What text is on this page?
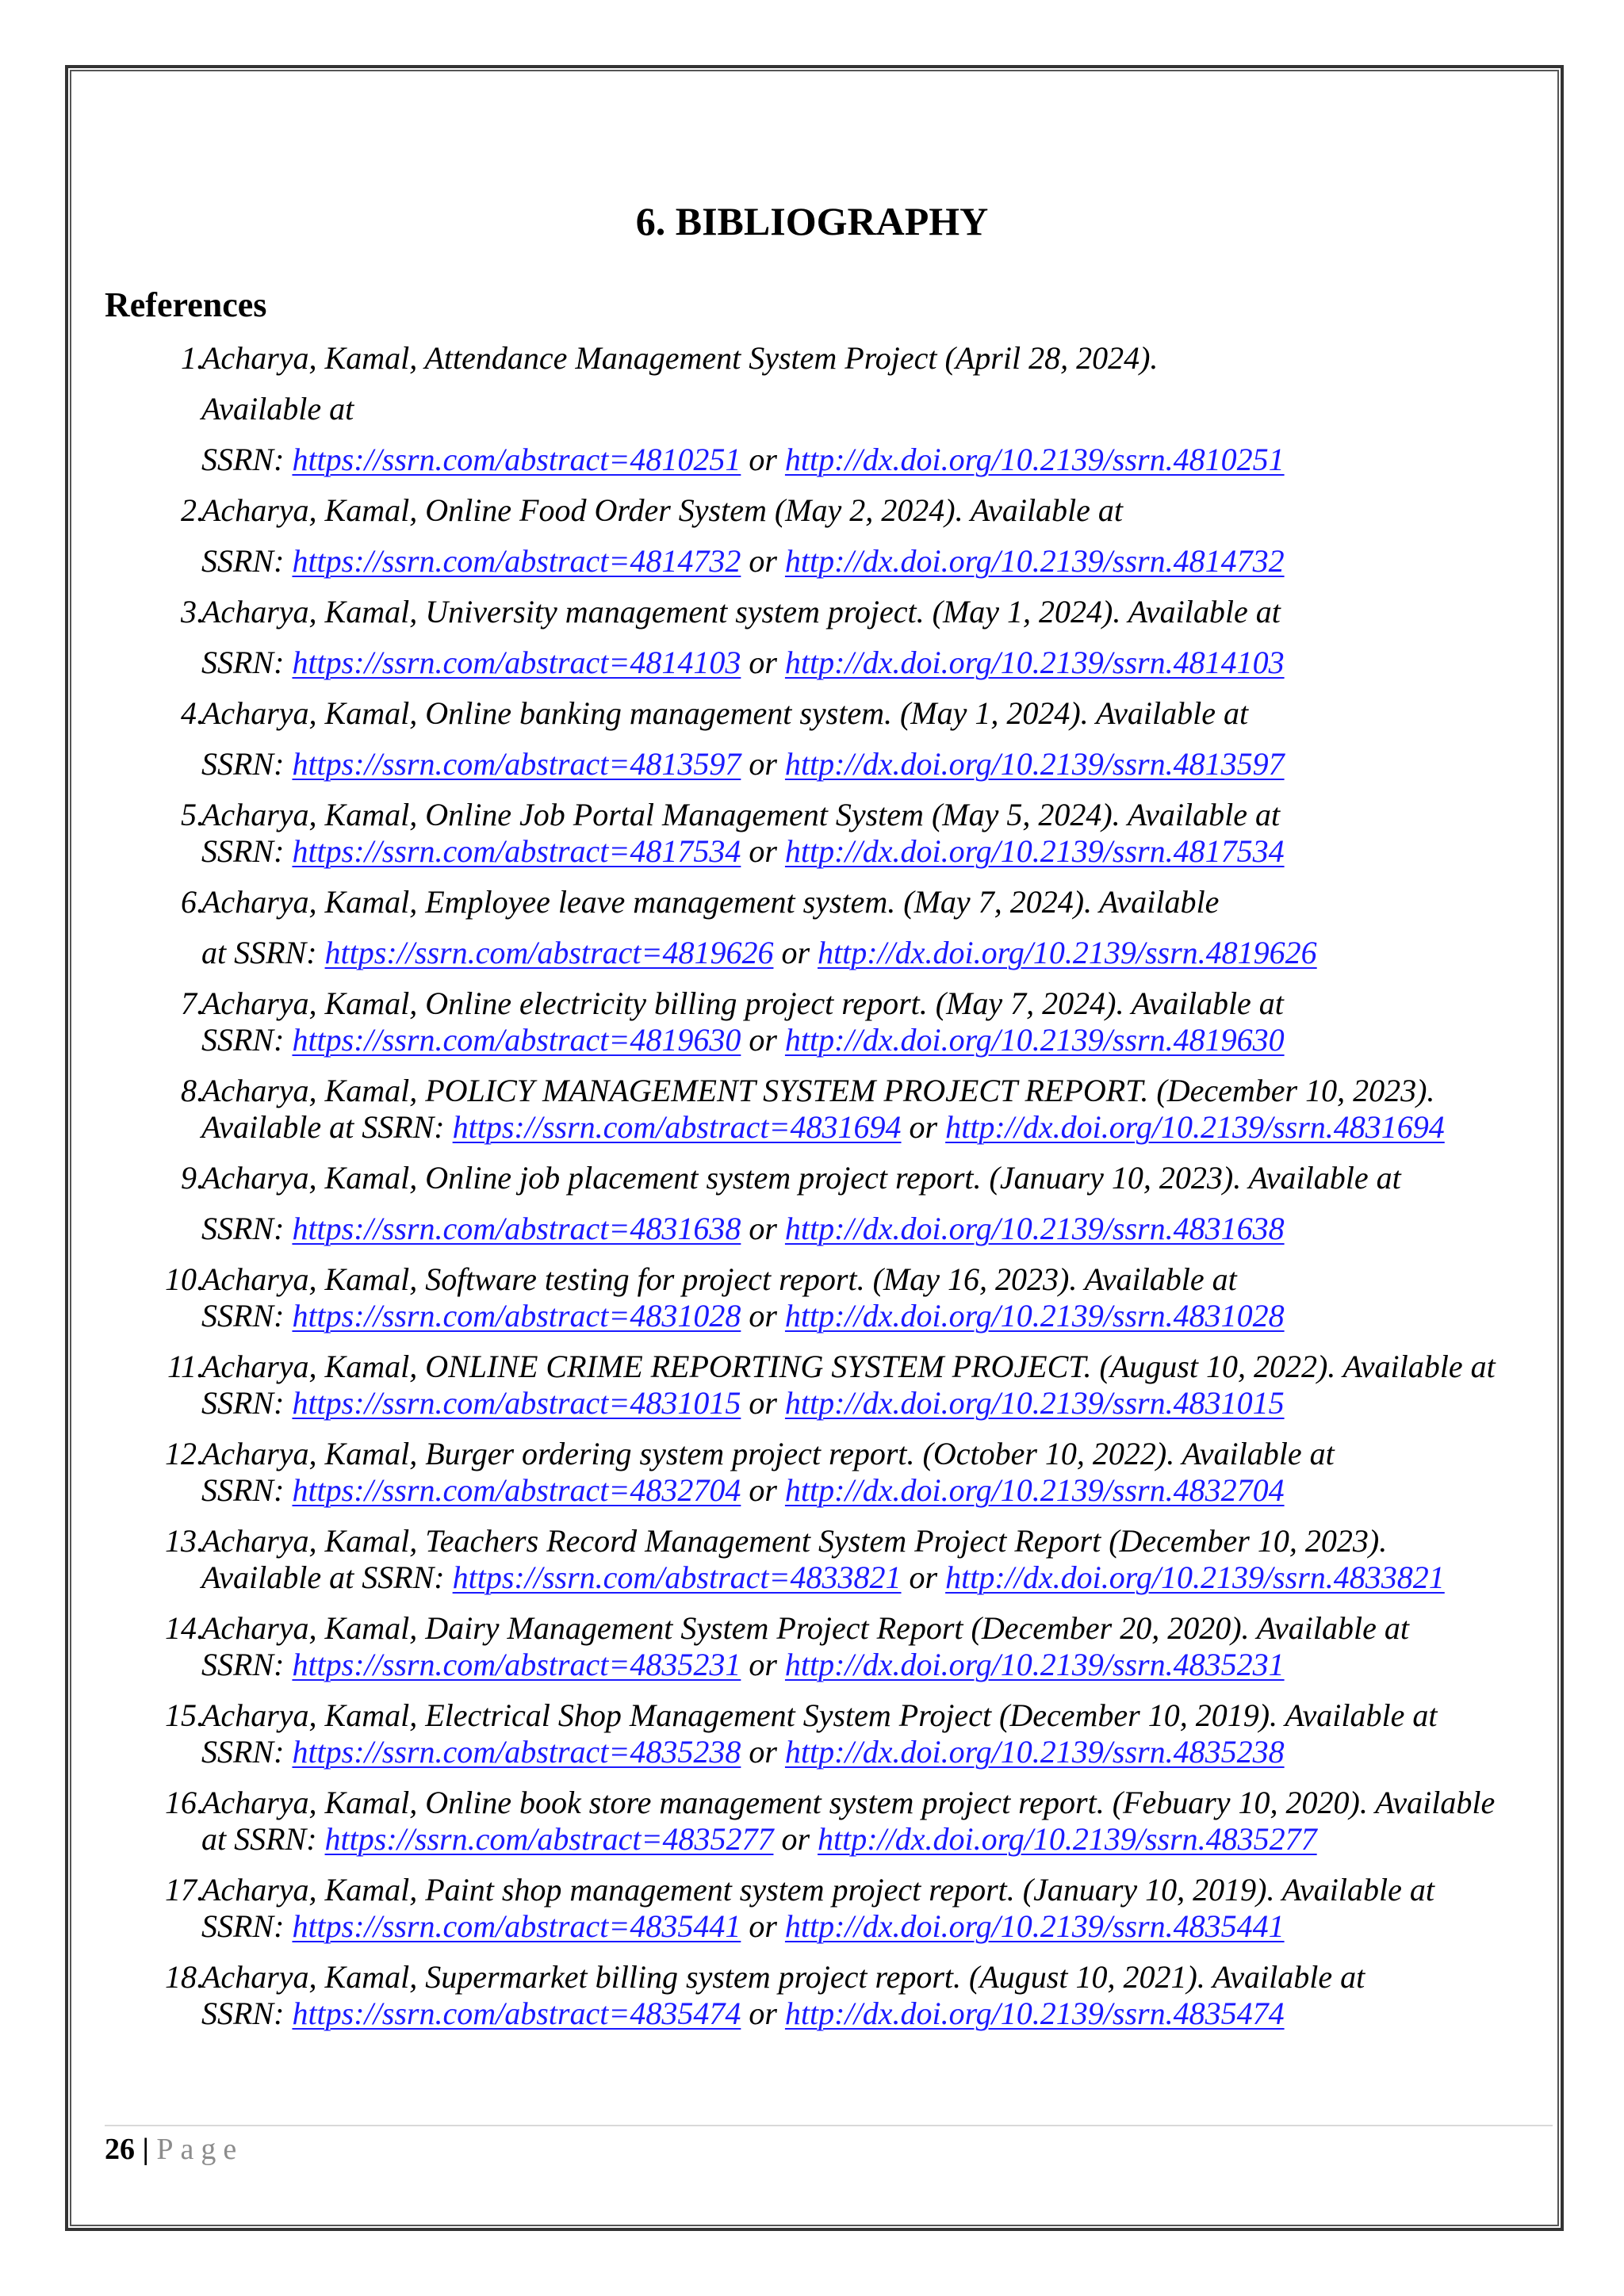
6. BIBLIOGRAPHY
References
1.
Acharya, Kamal, Attendance Management System Project (April 28, 2024).
Available at
SSRN: https://ssrn.com/abstract=4810251 or http://dx.doi.org/10.2139/ssrn.4810251
2.
Acharya, Kamal, Online Food Order System (May 2, 2024). Available at
SSRN: https://ssrn.com/abstract=4814732 or http://dx.doi.org/10.2139/ssrn.4814732
3.
Acharya, Kamal, University management system project. (May 1, 2024). Available at
SSRN: https://ssrn.com/abstract=4814103 or http://dx.doi.org/10.2139/ssrn.4814103
4.
Acharya, Kamal, Online banking management system. (May 1, 2024). Available at
SSRN: https://ssrn.com/abstract=4813597 or http://dx.doi.org/10.2139/ssrn.4813597
5.
Acharya, Kamal, Online Job Portal Management System (May 5, 2024). Available at
SSRN: https://ssrn.com/abstract=4817534 or http://dx.doi.org/10.2139/ssrn.4817534
6.
Acharya, Kamal, Employee leave management system. (May 7, 2024). Available
at SSRN: https://ssrn.com/abstract=4819626 or http://dx.doi.org/10.2139/ssrn.4819626
7.
Acharya, Kamal, Online electricity billing project report. (May 7, 2024). Available at
SSRN: https://ssrn.com/abstract=4819630 or http://dx.doi.org/10.2139/ssrn.4819630
8.
Acharya, Kamal, POLICY MANAGEMENT SYSTEM PROJECT REPORT. (December 10, 2023).
Available at SSRN: https://ssrn.com/abstract=4831694 or http://dx.doi.org/10.2139/ssrn.4831694
9.
Acharya, Kamal, Online job placement system project report. (January 10, 2023). Available at
SSRN: https://ssrn.com/abstract=4831638 or http://dx.doi.org/10.2139/ssrn.4831638
10.
Acharya, Kamal, Software testing for project report. (May 16, 2023). Available at
SSRN: https://ssrn.com/abstract=4831028 or http://dx.doi.org/10.2139/ssrn.4831028
11.
Acharya, Kamal, ONLINE CRIME REPORTING SYSTEM PROJECT. (August 10, 2022). Available at
SSRN: https://ssrn.com/abstract=4831015 or http://dx.doi.org/10.2139/ssrn.4831015
12.
Acharya, Kamal, Burger ordering system project report. (October 10, 2022). Available at
SSRN: https://ssrn.com/abstract=4832704 or http://dx.doi.org/10.2139/ssrn.4832704
13.
Acharya, Kamal, Teachers Record Management System Project Report (December 10, 2023).
Available at SSRN: https://ssrn.com/abstract=4833821 or http://dx.doi.org/10.2139/ssrn.4833821
14.
Acharya, Kamal, Dairy Management System Project Report (December 20, 2020). Available at
SSRN: https://ssrn.com/abstract=4835231 or http://dx.doi.org/10.2139/ssrn.4835231
15.
Acharya, Kamal, Electrical Shop Management System Project (December 10, 2019). Available at
SSRN: https://ssrn.com/abstract=4835238 or http://dx.doi.org/10.2139/ssrn.4835238
16.
Acharya, Kamal, Online book store management system project report. (Febuary 10, 2020). Available
at SSRN: https://ssrn.com/abstract=4835277 or http://dx.doi.org/10.2139/ssrn.4835277
17.
Acharya, Kamal, Paint shop management system project report. (January 10, 2019). Available at
SSRN: https://ssrn.com/abstract=4835441 or http://dx.doi.org/10.2139/ssrn.4835441
18.
Acharya, Kamal, Supermarket billing system project report. (August 10, 2021). Available at
SSRN: https://ssrn.com/abstract=4835474 or http://dx.doi.org/10.2139/ssrn.4835474
26 | Page
